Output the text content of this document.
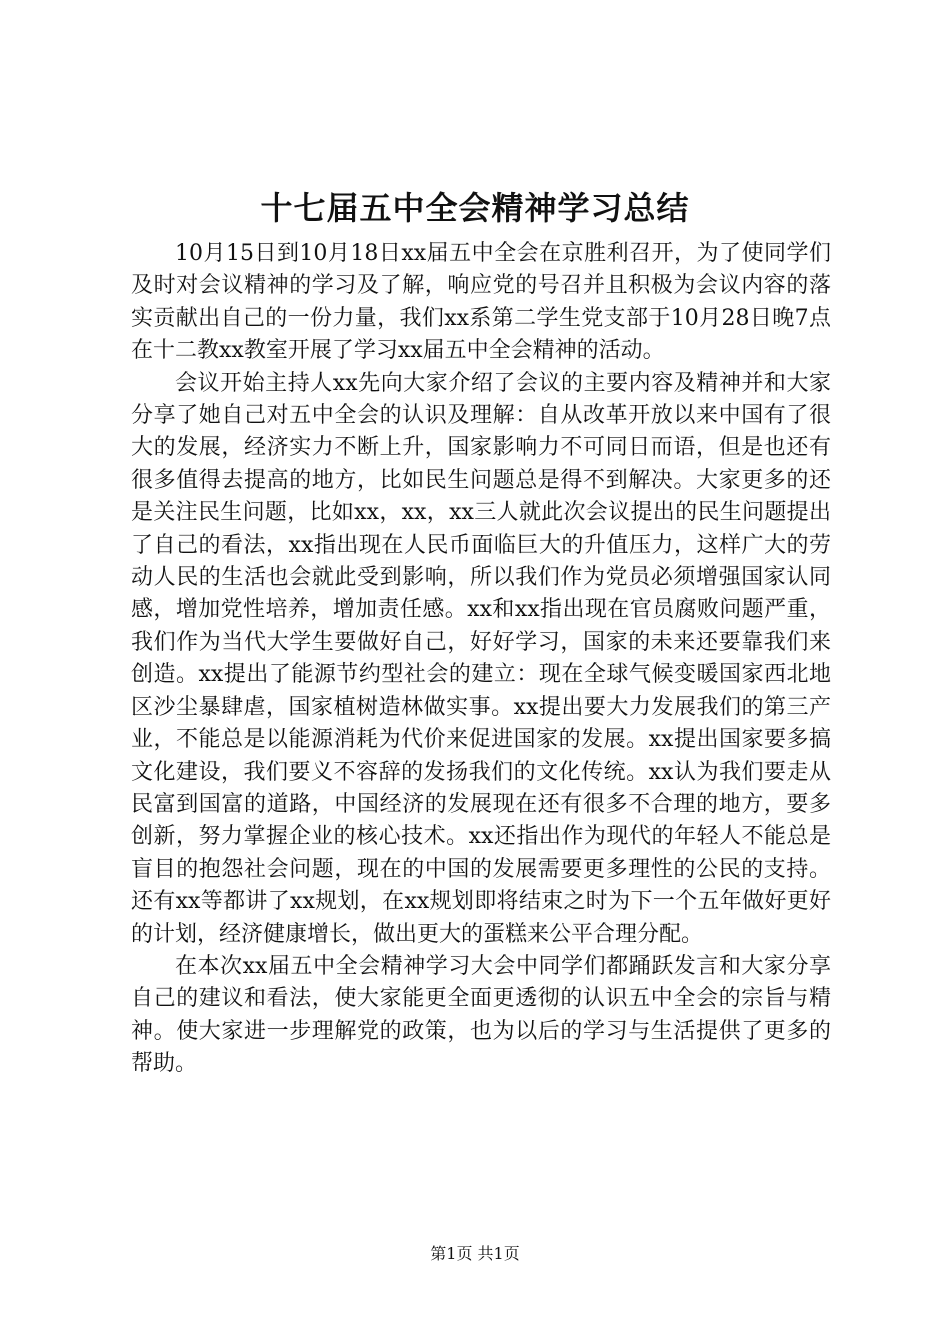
十七届五中全会精神学习总结

10月15日到10月18日xx届五中全会在京胜利召开，为了使同学们及时对会议精神的学习及了解，响应党的号召并且积极为会议内容的落实贡献出自己的一份力量，我们xx系第二学生党支部于10月28日晚7点在十二教xx教室开展了学习xx届五中全会精神的活动。

会议开始主持人xx先向大家介绍了会议的主要内容及精神并和大家分享了她自己对五中全会的认识及理解：自从改革开放以来中国有了很大的发展，经济实力不断上升，国家影响力不可同日而语，但是也还有很多值得去提高的地方，比如民生问题总是得不到解决。大家更多的还是关注民生问题，比如xx，xx，xx三人就此次会议提出的民生问题提出了自己的看法，xx指出现在人民币面临巨大的升值压力，这样广大的劳动人民的生活也会就此受到影响，所以我们作为党员必须增强国家认同感，增加党性培养，增加责任感。xx和xx指出现在官员腐败问题严重，我们作为当代大学生要做好自己，好好学习，国家的未来还要靠我们来创造。xx提出了能源节约型社会的建立：现在全球气候变暖国家西北地区沙尘暴肆虐，国家植树造林做实事。xx提出要大力发展我们的第三产业，不能总是以能源消耗为代价来促进国家的发展。xx提出国家要多搞文化建设，我们要义不容辞的发扬我们的文化传统。xx认为我们要走从民富到国富的道路，中国经济的发展现在还有很多不合理的地方，要多创新，努力掌握企业的核心技术。xx还指出作为现代的年轻人不能总是盲目的抱怨社会问题，现在的中国的发展需要更多理性的公民的支持。还有xx等都讲了xx规划，在xx规划即将结束之时为下一个五年做好更好的计划，经济健康增长，做出更大的蛋糕来公平合理分配。

在本次xx届五中全会精神学习大会中同学们都踊跃发言和大家分享自己的建议和看法，使大家能更全面更透彻的认识五中全会的宗旨与精神。使大家进一步理解党的政策，也为以后的学习与生活提供了更多的帮助。

第1页 共1页
